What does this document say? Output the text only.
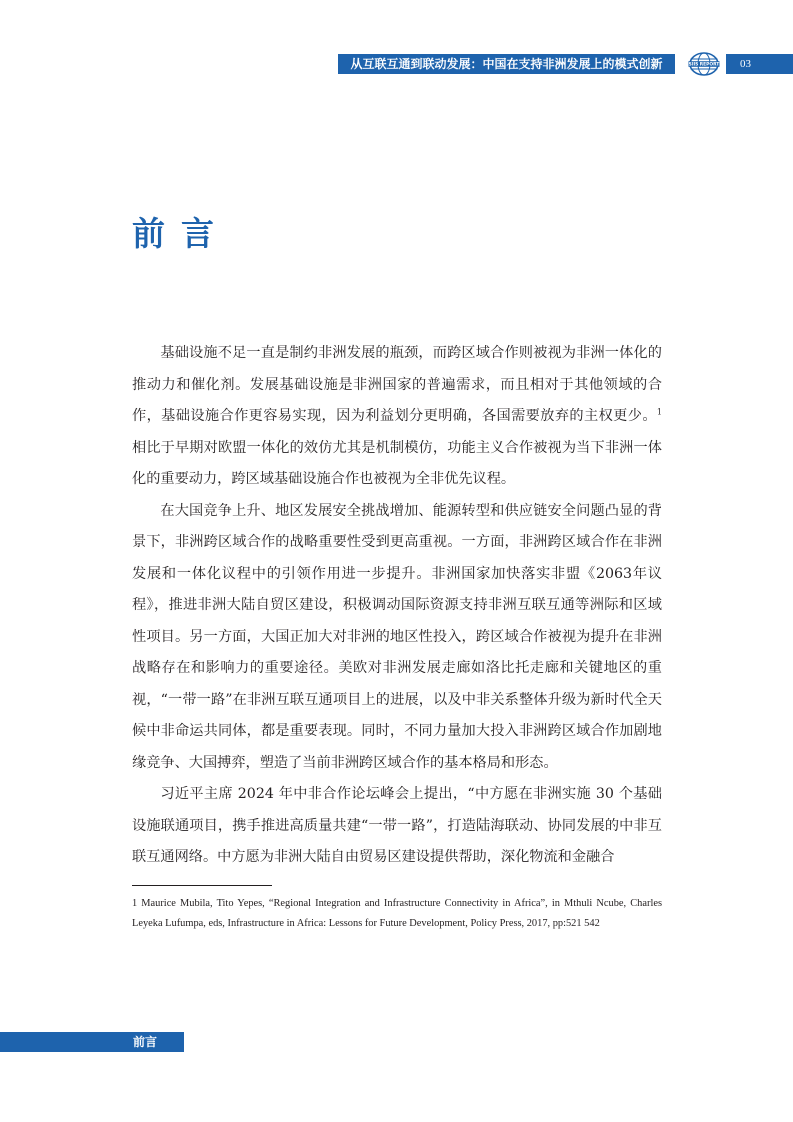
从互联互通到联动发展：中国在支持非洲发展上的模式创新	SIIS REPORT 03
前言

基础设施不足一直是制约非洲发展的瓶颈，而跨区域合作则被视为非洲一体化的推动力和催化剂。发展基础设施是非洲国家的普遍需求，而且相对于其他领域的合作，基础设施合作更容易实现，因为利益划分更明确，各国需要放弃的主权更少。$^1$相比于早期对欧盟一体化的效仿尤其是机制模仿，功能主义合作被视为当下非洲一体化的重要动力，跨区域基础设施合作也被视为全非优先议程。

在大国竞争上升、地区发展安全挑战增加、能源转型和供应链安全问题凸显的背景下，非洲跨区域合作的战略重要性受到更高重视。一方面，非洲跨区域合作在非洲发展和一体化议程中的引领作用进一步提升。非洲国家加快落实非盟《2063年议程》，推进非洲大陆自贸区建设，积极调动国际资源支持非洲互联互通等洲际和区域性项目。另一方面，大国正加大对非洲的地区性投入，跨区域合作被视为提升在非洲战略存在和影响力的重要途径。美欧对非洲发展走廊如洛比托走廊和关键地区的重视，“一带一路”在非洲互联互通项目上的进展，以及中非关系整体升级为新时代全天候中非命运共同体，都是重要表现。同时，不同力量加大投入非洲跨区域合作加剧地缘竞争、大国搏弈，塑造了当前非洲跨区域合作的基本格局和形态。

习近平主席 2024 年中非合作论坛峰会上提出，“中方愿在非洲实施 30 个基础设施联通项目，携手推进高质量共建“一带一路”，打造陆海联动、协同发展的中非互联互通网络。中方愿为非洲大陆自由贸易区建设提供帮助，深化物流和金融合

1 Maurice Mubila, Tito Yepes, “Regional Integration and Infrastructure Connectivity in Africa”, in Mthuli Ncube, Charles Leyeka Lufumpa, eds, Infrastructure in Africa: Lessons for Future Development, Policy Press, 2017, pp:521 542

前言
